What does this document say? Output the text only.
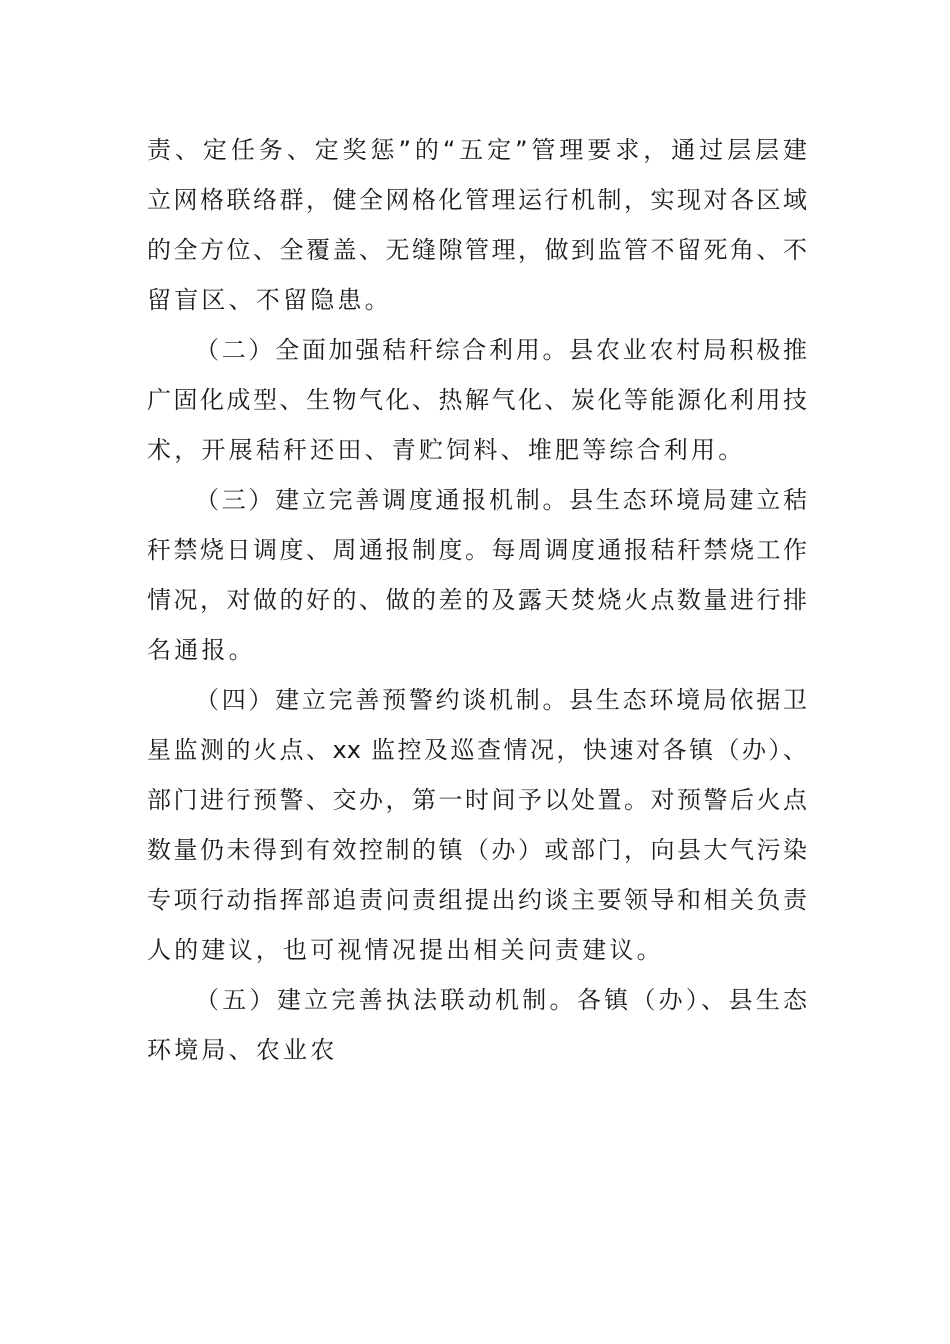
责、定任务、定奖惩”的“五定”管理要求，通过层层建
立网格联络群，健全网格化管理运行机制，实现对各区域
的全方位、全覆盖、无缝隙管理，做到监管不留死角、不
留盲区、不留隐患。
（二）全面加强秸秆综合利用。县农业农村局积极推
广固化成型、生物气化、热解气化、炭化等能源化利用技
术，开展秸秆还田、青贮饲料、堆肥等综合利用。
（三）建立完善调度通报机制。县生态环境局建立秸
秆禁烧日调度、周通报制度。每周调度通报秸秆禁烧工作
情况，对做的好的、做的差的及露天焚烧火点数量进行排
名通报。
（四）建立完善预警约谈机制。县生态环境局依据卫
星监测的火点、xx 监控及巡查情况，快速对各镇（办）、
部门进行预警、交办，第一时间予以处置。对预警后火点
数量仍未得到有效控制的镇（办）或部门，向县大气污染
专项行动指挥部追责问责组提出约谈主要领导和相关负责
人的建议，也可视情况提出相关问责建议。
（五）建立完善执法联动机制。各镇（办）、县生态
环境局、农业农
